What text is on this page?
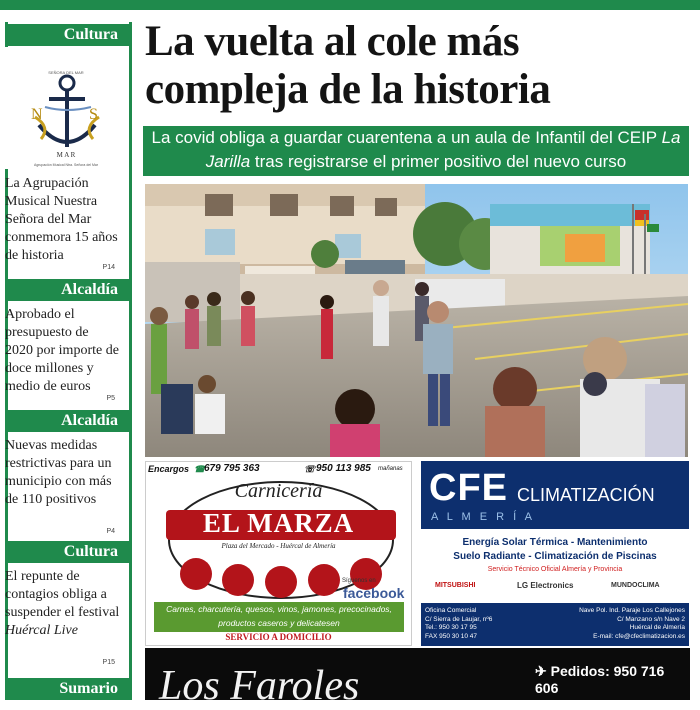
Cultura
N	S
M A R
Agrupación Musical Ntra. Señora del Mar
SEÑORA DEL MAR
La Agrupación Musical Nuestra Señora del Mar conmemora 15 años de historia
P14
Alcaldía
Aprobado el presupuesto de 2020 por importe de doce millones y medio de euros
P5
Alcaldía
Nuevas medidas restrictivas para un municipio con más de 110 positivos
P4
Cultura
El repunte de contagios obliga a suspender el festival Huércal Live
P15
Sumario
La vuelta al cole más compleja de la historia
La covid obliga a guardar cuarentena a un aula de Infantil del CEIP La Jarilla tras registrarse el primer positivo del nuevo curso
Encargos ☎
679 795 363	☏ 950 113 985 mañanas
Carnicería
EL MARZA
Plaza del Mercado - Huércal de Almería
Síguenos en
facebook
Carnes, charcutería, quesos, vinos, jamones, precocinados, productos caseros y delicatesen
SERVICIO A DOMICILIO
CFE CLIMATIZACIÓN
A L M E R Í A
Energía Solar Térmica - Mantenimiento
Suelo Radiante - Climatización de Piscinas
Servicio Técnico Oficial Almería y Provincia
MITSUBISHI	LG Electronics	MUNDOCLIMA
Oficina Comercial
C/ Sierra de Laujar, nº6
Tel.: 950 30 17 95
FAX 950 30 10 47
Nave Pol. Ind. Paraje Los Callejones
C/ Manzano s/n Nave 2
Huércal de Almería
E-mail: cfe@cfeclimatizacion.es
Los Faroles	✈ Pedidos: 950 716 606
